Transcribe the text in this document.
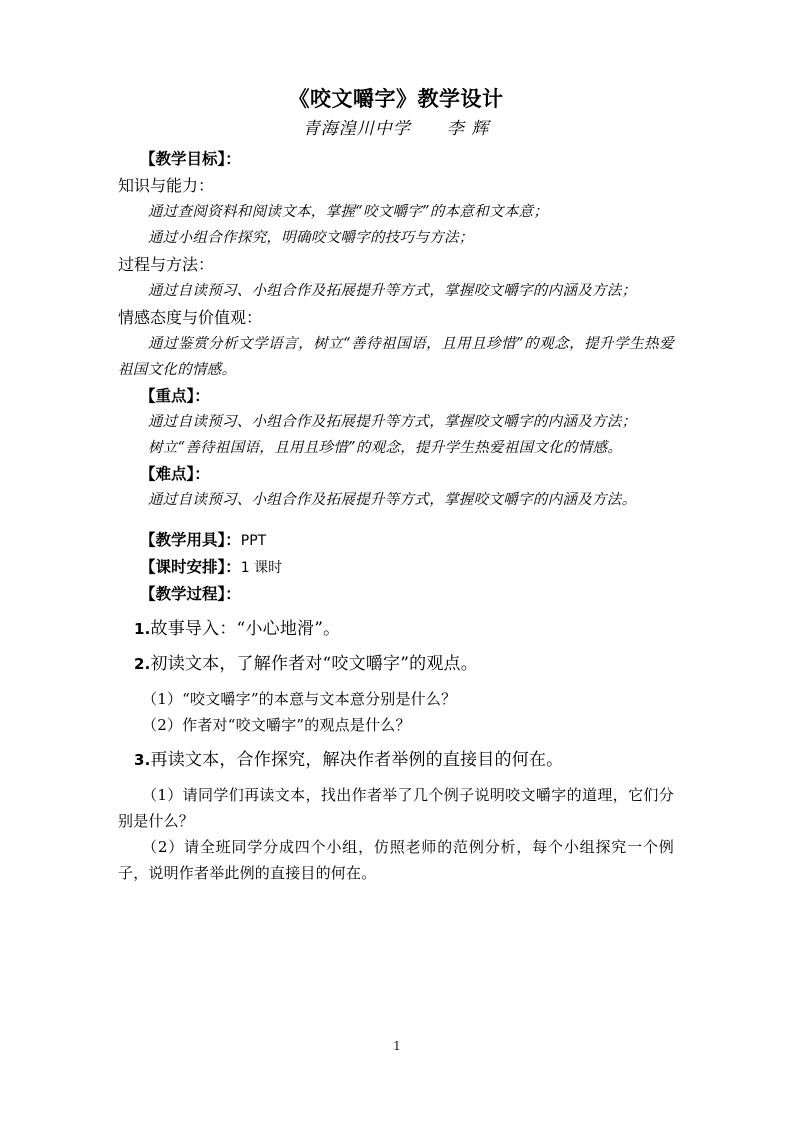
《咬文嚼字》教学设计
青海湟川中学　　李 辉

【教学目标】：

知识与能力：

通过查阅资料和阅读文本，掌握“咬文嚼字”的本意和文本意；

通过小组合作探究，明确咬文嚼字的技巧与方法；

过程与方法：

通过自读预习、小组合作及拓展提升等方式，掌握咬文嚼字的内涵及方法；

情感态度与价值观：

通过鉴赏分析文学语言，树立“善待祖国语，且用且珍惜”的观念，提升学生热爱祖国文化的情感。

【重点】：

通过自读预习、小组合作及拓展提升等方式，掌握咬文嚼字的内涵及方法；

树立“善待祖国语，且用且珍惜”的观念，提升学生热爱祖国文化的情感。

【难点】：

通过自读预习、小组合作及拓展提升等方式，掌握咬文嚼字的内涵及方法。

【教学用具】：PPT

【课时安排】：1 课时

【教学过程】：

1.故事导入：“小心地滑”。

2.初读文本，了解作者对“咬文嚼字”的观点。

（1）“咬文嚼字”的本意与文本意分别是什么？

（2）作者对“咬文嚼字”的观点是什么？

3.再读文本，合作探究，解决作者举例的直接目的何在。

（1）请同学们再读文本，找出作者举了几个例子说明咬文嚼字的道理，它们分别是什么？

（2）请全班同学分成四个小组，仿照老师的范例分析，每个小组探究一个例子，说明作者举此例的直接目的何在。

1
